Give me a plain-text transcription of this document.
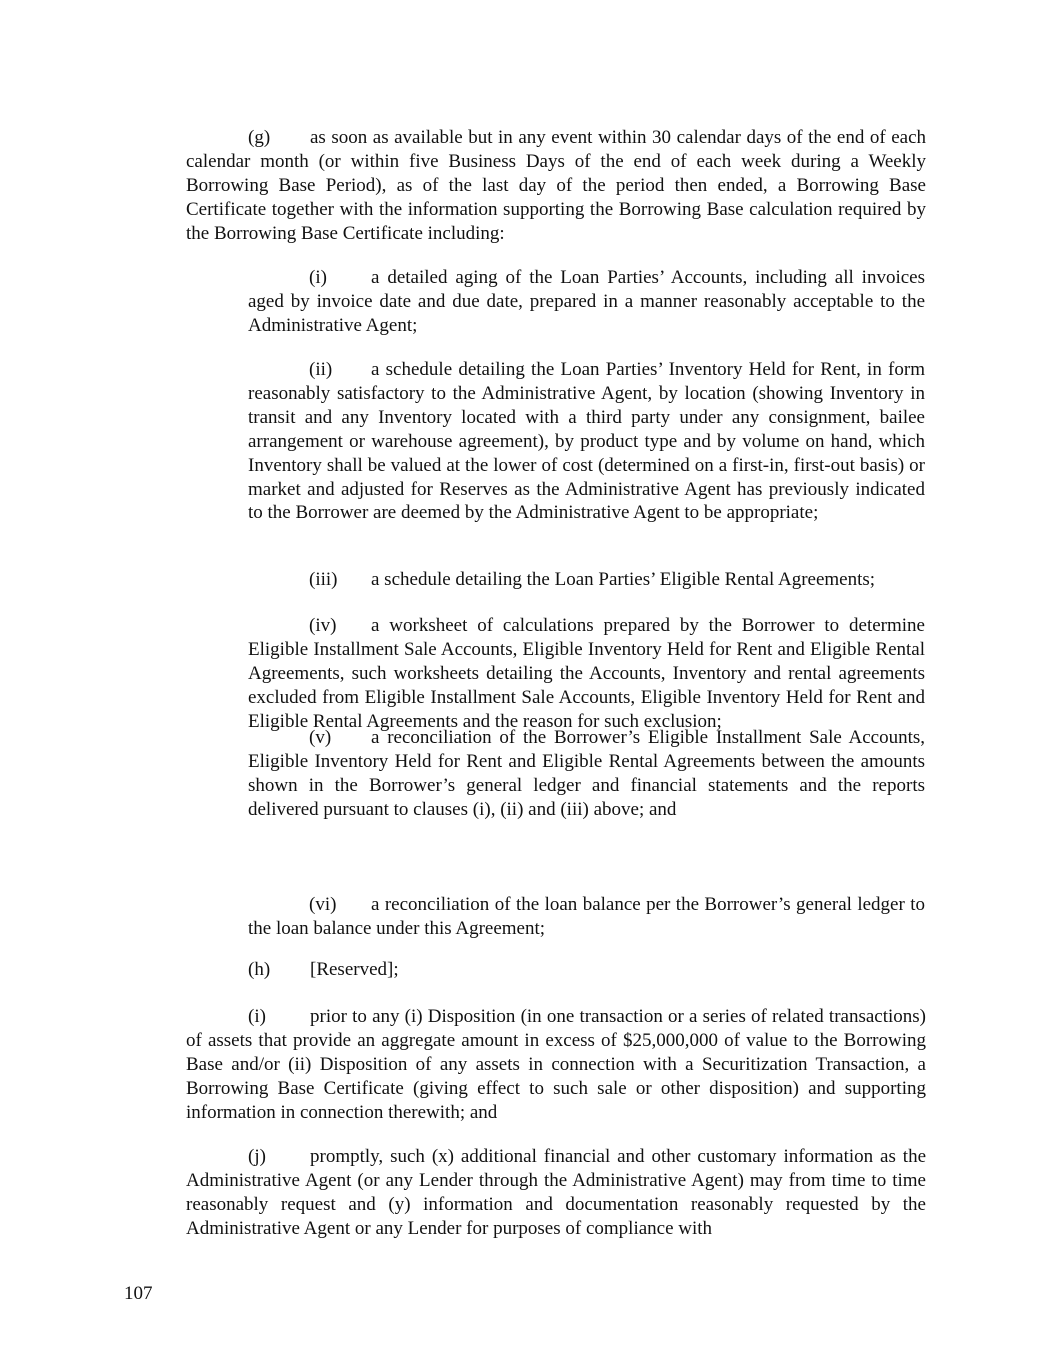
(g) as soon as available but in any event within 30 calendar days of the end of each calendar month (or within five Business Days of the end of each week during a Weekly Borrowing Base Period), as of the last day of the period then ended, a Borrowing Base Certificate together with the information supporting the Borrowing Base calculation required by the Borrowing Base Certificate including:

(i) a detailed aging of the Loan Parties’ Accounts, including all invoices aged by invoice date and due date, prepared in a manner reasonably acceptable to the Administrative Agent;

(ii) a schedule detailing the Loan Parties’ Inventory Held for Rent, in form reasonably satisfactory to the Administrative Agent, by location (showing Inventory in transit and any Inventory located with a third party under any consignment, bailee arrangement or warehouse agreement), by product type and by volume on hand, which Inventory shall be valued at the lower of cost (determined on a first-in, first-out basis) or market and adjusted for Reserves as the Administrative Agent has previously indicated to the Borrower are deemed by the Administrative Agent to be appropriate;

(iii) a schedule detailing the Loan Parties’ Eligible Rental Agreements;

(iv) a worksheet of calculations prepared by the Borrower to determine Eligible Installment Sale Accounts, Eligible Inventory Held for Rent and Eligible Rental Agreements, such worksheets detailing the Accounts, Inventory and rental agreements excluded from Eligible Installment Sale Accounts, Eligible Inventory Held for Rent and Eligible Rental Agreements and the reason for such exclusion;

(v) a reconciliation of the Borrower’s Eligible Installment Sale Accounts, Eligible Inventory Held for Rent and Eligible Rental Agreements between the amounts shown in the Borrower’s general ledger and financial statements and the reports delivered pursuant to clauses (i), (ii) and (iii) above; and

(vi) a reconciliation of the loan balance per the Borrower’s general ledger to the loan balance under this Agreement;

(h) [Reserved];

(i) prior to any (i) Disposition (in one transaction or a series of related transactions) of assets that provide an aggregate amount in excess of $25,000,000 of value to the Borrowing Base and/or (ii) Disposition of any assets in connection with a Securitization Transaction, a Borrowing Base Certificate (giving effect to such sale or other disposition) and supporting information in connection therewith; and

(j) promptly, such (x) additional financial and other customary information as the Administrative Agent (or any Lender through the Administrative Agent) may from time to time reasonably request and (y) information and documentation reasonably requested by the Administrative Agent or any Lender for purposes of compliance with

107
